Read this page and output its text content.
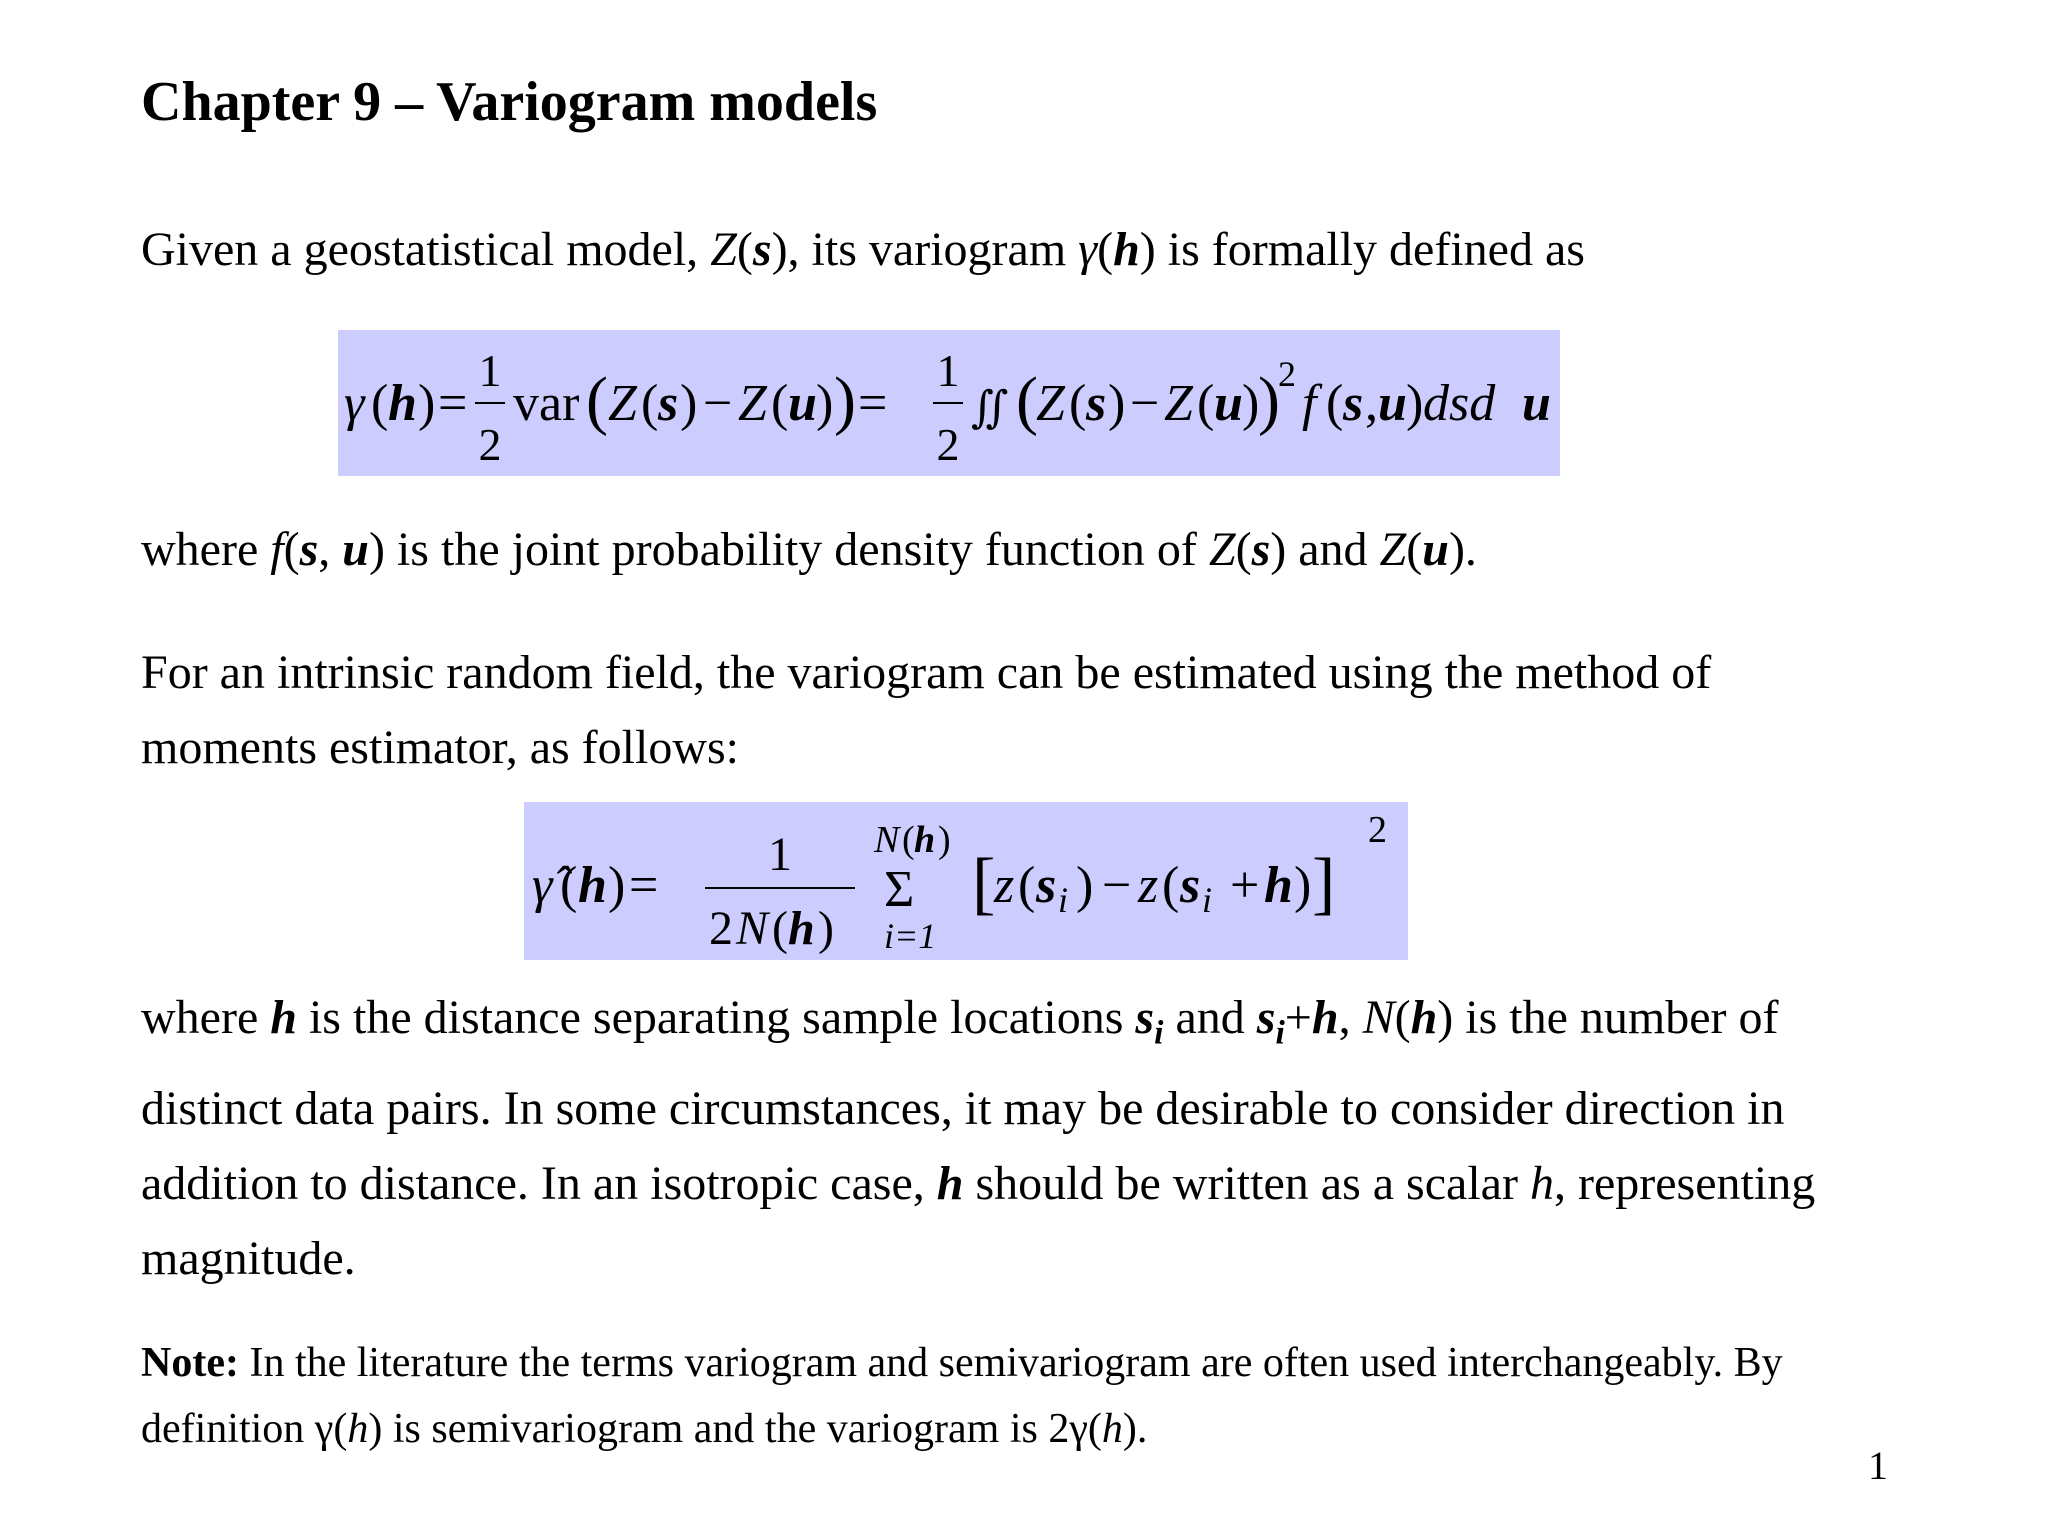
Chapter 9 – Variogram models
Given a geostatistical model, Z(s), its variogram γ(h) is formally defined as
γ ( h ) =
1
2
var ( Z ( s ) − Z ( u ) ) =
1
2
∬ (
Z ( s ) − Z ( u )
)
2
f ( s , u ) dsd u
where f(s, u) is the joint probability density function of Z(s) and Z(u).
For an intrinsic random field, the variogram can be estimated using the method of
moments estimator, as follows:
γ̂ ( h ) =
1
2 N ( h )
N ( h )
Σ
i=1
[
z ( s i ) − z ( s i + h ) ]
2
where h is the distance separating sample locations $s_i$ and $s_i+h$, N(h) is the number of
distinct data pairs. In some circumstances, it may be desirable to consider direction in
addition to distance. In an isotropic case, h should be written as a scalar h, representing
magnitude.
Note: In the literature the terms variogram and semivariogram are often used interchangeably. By
definition γ(h) is semivariogram and the variogram is 2γ(h).
1
